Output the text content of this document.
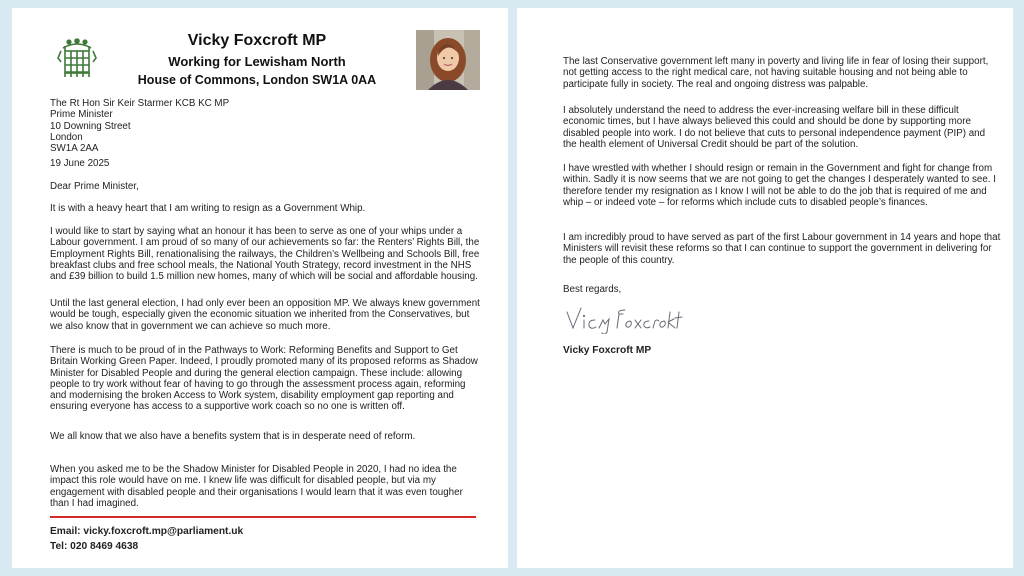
Vicky Foxcroft MP
Working for Lewisham North
House of Commons, London SW1A 0AA
The Rt Hon Sir Keir Starmer KCB KC MP
Prime Minister
10 Downing Street
London
SW1A 2AA

19 June 2025

Dear Prime Minister,

It is with a heavy heart that I am writing to resign as a Government Whip.

I would like to start by saying what an honour it has been to serve as one of your whips under a Labour government. I am proud of so many of our achievements so far: the Renters’ Rights Bill, the Employment Rights Bill, renationalising the railways, the Children’s Wellbeing and Schools Bill, free breakfast clubs and free school meals, the National Youth Strategy, record investment in the NHS and £39 billion to build 1.5 million new homes, many of which will be social and affordable housing.

Until the last general election, I had only ever been an opposition MP. We always knew government would be tough, especially given the economic situation we inherited from the Conservatives, but we also know that in government we can achieve so much more.

There is much to be proud of in the Pathways to Work: Reforming Benefits and Support to Get Britain Working Green Paper. Indeed, I proudly promoted many of its proposed reforms as Shadow Minister for Disabled People and during the general election campaign. These include: allowing people to try work without fear of having to go through the assessment process again, reforming and modernising the broken Access to Work system, disability employment gap reporting and ensuring everyone has access to a supportive work coach so no one is written off.

We all know that we also have a benefits system that is in desperate need of reform.

When you asked me to be the Shadow Minister for Disabled People in 2020, I had no idea the impact this role would have on me. I knew life was difficult for disabled people, but via my engagement with disabled people and their organisations I would learn that it was even tougher than I had imagined.

Email: vicky.foxcroft.mp@parliament.uk
Tel: 020 8469 4638

The last Conservative government left many in poverty and living life in fear of losing their support, not getting access to the right medical care, not having suitable housing and not being able to participate fully in society. The real and ongoing distress was palpable.

I absolutely understand the need to address the ever-increasing welfare bill in these difficult economic times, but I have always believed this could and should be done by supporting more disabled people into work. I do not believe that cuts to personal independence payment (PIP) and the health element of Universal Credit should be part of the solution.

I have wrestled with whether I should resign or remain in the Government and fight for change from within. Sadly it is now seems that we are not going to get the changes I desperately wanted to see. I therefore tender my resignation as I know I will not be able to do the job that is required of me and whip – or indeed vote – for reforms which include cuts to disabled people’s finances.

I am incredibly proud to have served as part of the first Labour government in 14 years and hope that Ministers will revisit these reforms so that I can continue to support the government in delivering for the people of this country.

Best regards,

Vicky Foxcroft MP
